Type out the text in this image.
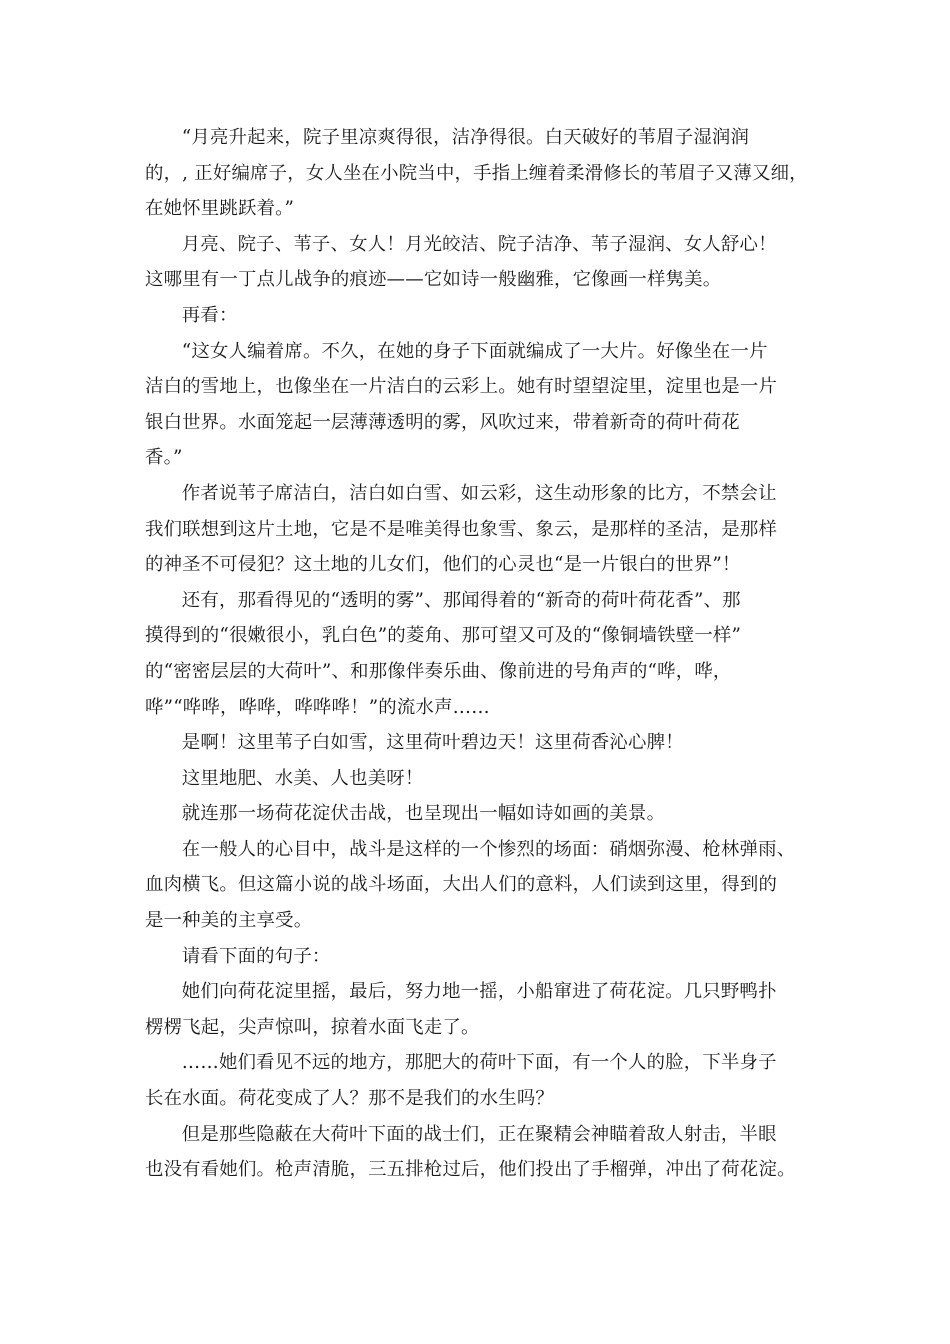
“月亮升起来，院子里凉爽得很，洁净得很。白天破好的苇眉子湿润润
的，, 正好编席子，女人坐在小院当中，手指上缠着柔滑修长的苇眉子又薄又细，
在她怀里跳跃着。”
月亮、院子、苇子、女人！月光皎洁、院子洁净、苇子湿润、女人舒心！
这哪里有一丁点儿战争的痕迹——它如诗一般幽雅，它像画一样隽美。
再看：
“这女人编着席。不久，在她的身子下面就编成了一大片。好像坐在一片
洁白的雪地上，也像坐在一片洁白的云彩上。她有时望望淀里，淀里也是一片
银白世界。水面笼起一层薄薄透明的雾，风吹过来，带着新奇的荷叶荷花
香。”
作者说苇子席洁白，洁白如白雪、如云彩，这生动形象的比方，不禁会让
我们联想到这片土地，它是不是唯美得也象雪、象云，是那样的圣洁，是那样
的神圣不可侵犯？这土地的儿女们，他们的心灵也“是一片银白的世界”！
还有，那看得见的“透明的雾”、那闻得着的“新奇的荷叶荷花香”、那
摸得到的“很嫩很小，乳白色”的菱角、那可望又可及的“像铜墙铁壁一样”
的“密密层层的大荷叶”、和那像伴奏乐曲、像前进的号角声的“哗，哗，
哗”“哗哗，哗哗，哗哗哗！”的流水声……
是啊！这里苇子白如雪，这里荷叶碧边天！这里荷香沁心脾！
这里地肥、水美、人也美呀！
就连那一场荷花淀伏击战，也呈现出一幅如诗如画的美景。
在一般人的心目中，战斗是这样的一个惨烈的场面：硝烟弥漫、枪林弹雨、
血肉横飞。但这篇小说的战斗场面，大出人们的意料，人们读到这里，得到的
是一种美的主享受。
请看下面的句子：
她们向荷花淀里摇，最后，努力地一摇，小船窜进了荷花淀。几只野鸭扑
楞楞飞起，尖声惊叫，掠着水面飞走了。
……她们看见不远的地方，那肥大的荷叶下面，有一个人的脸，下半身子
长在水面。荷花变成了人？那不是我们的水生吗？
但是那些隐蔽在大荷叶下面的战士们，正在聚精会神瞄着敌人射击，半眼
也没有看她们。枪声清脆，三五排枪过后，他们投出了手榴弹，冲出了荷花淀。
